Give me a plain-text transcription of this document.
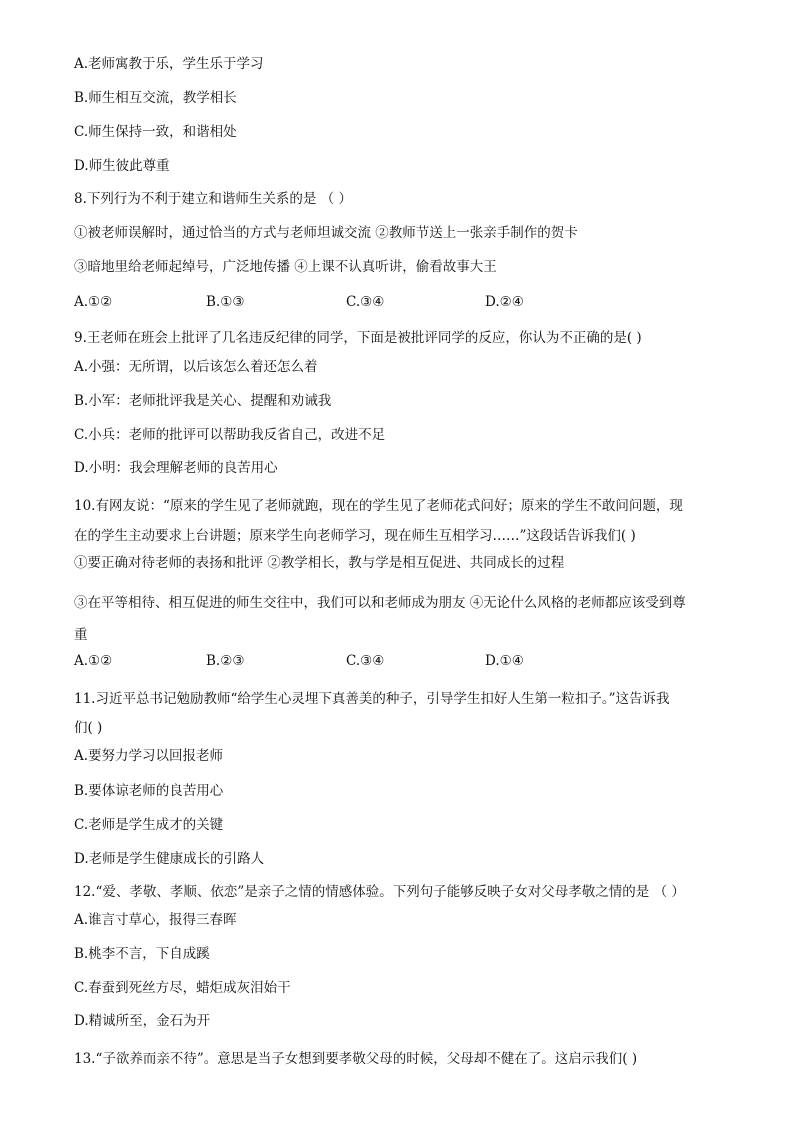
A.老师寓教于乐，学生乐于学习
B.师生相互交流，教学相长
C.师生保持一致，和谐相处
D.师生彼此尊重
8.下列行为不利于建立和谐师生关系的是 （ ）
①被老师误解时，通过恰当的方式与老师坦诚交流 ②教师节送上一张亲手制作的贺卡
③暗地里给老师起绰号，广泛地传播 ④上课不认真听讲，偷看故事大王
A.①②	B.①③	C.③④	D.②④
9.王老师在班会上批评了几名违反纪律的同学，下面是被批评同学的反应，你认为不正确的是( )
A.小强：无所谓，以后该怎么着还怎么着
B.小军：老师批评我是关心、提醒和劝诫我
C.小兵：老师的批评可以帮助我反省自己，改进不足
D.小明：我会理解老师的良苦用心
10.有网友说：“原来的学生见了老师就跑，现在的学生见了老师花式问好；原来的学生不敢问问题，现
在的学生主动要求上台讲题；原来学生向老师学习，现在师生互相学习……”这段话告诉我们( )
①要正确对待老师的表扬和批评 ②教学相长，教与学是相互促进、共同成长的过程
③在平等相待、相互促进的师生交往中，我们可以和老师成为朋友 ④无论什么风格的老师都应该受到尊
重
A.①②	B.②③	C.③④	D.①④
11.习近平总书记勉励教师“给学生心灵埋下真善美的种子，引导学生扣好人生第一粒扣子。”这告诉我
们( )
A.要努力学习以回报老师
B.要体谅老师的良苦用心
C.老师是学生成才的关键
D.老师是学生健康成长的引路人
12.“爱、孝敬、孝顺、依恋”是亲子之情的情感体验。下列句子能够反映子女对父母孝敬之情的是 （ ）
A.谁言寸草心，报得三春晖
B.桃李不言，下自成蹊
C.春蚕到死丝方尽，蜡炬成灰泪始干
D.精诚所至，金石为开
13.“子欲养而亲不待”。意思是当子女想到要孝敬父母的时候，父母却不健在了。这启示我们( )
